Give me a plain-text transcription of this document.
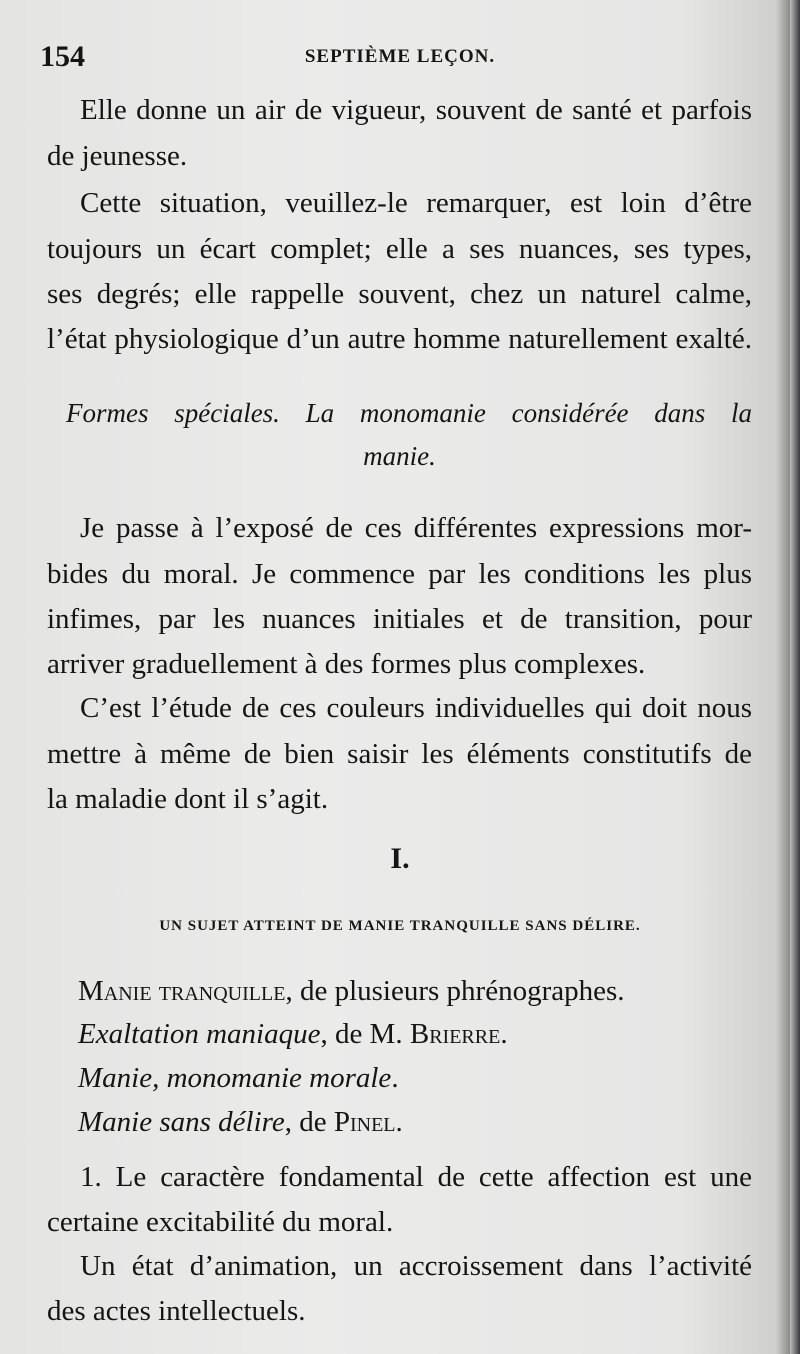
154	SEPTIÈME LEÇON.
Elle donne un air de vigueur, souvent de santé et parfois
de jeunesse.
Cette situation, veuillez-le remarquer, est loin d’être
toujours un écart complet; elle a ses nuances, ses types,
ses degrés; elle rappelle souvent, chez un naturel calme,
l’état physiologique d’un autre homme naturellement exalté.
Formes spéciales. La monomanie considérée dans la
manie.
Je passe à l’exposé de ces différentes expressions mor-
bides du moral. Je commence par les conditions les plus
infimes, par les nuances initiales et de transition, pour
arriver graduellement à des formes plus complexes.
C’est l’étude de ces couleurs individuelles qui doit nous
mettre à même de bien saisir les éléments constitutifs de
la maladie dont il s’agit.
I.
UN SUJET ATTEINT DE MANIE TRANQUILLE SANS DÉLIRE.
Manie tranquille, de plusieurs phrénographes.
Exaltation maniaque, de M. Brierre.
Manie, monomanie morale.
Manie sans délire, de Pinel.
1. Le caractère fondamental de cette affection est une
certaine excitabilité du moral.
Un état d’animation, un accroissement dans l’activité
des actes intellectuels.
